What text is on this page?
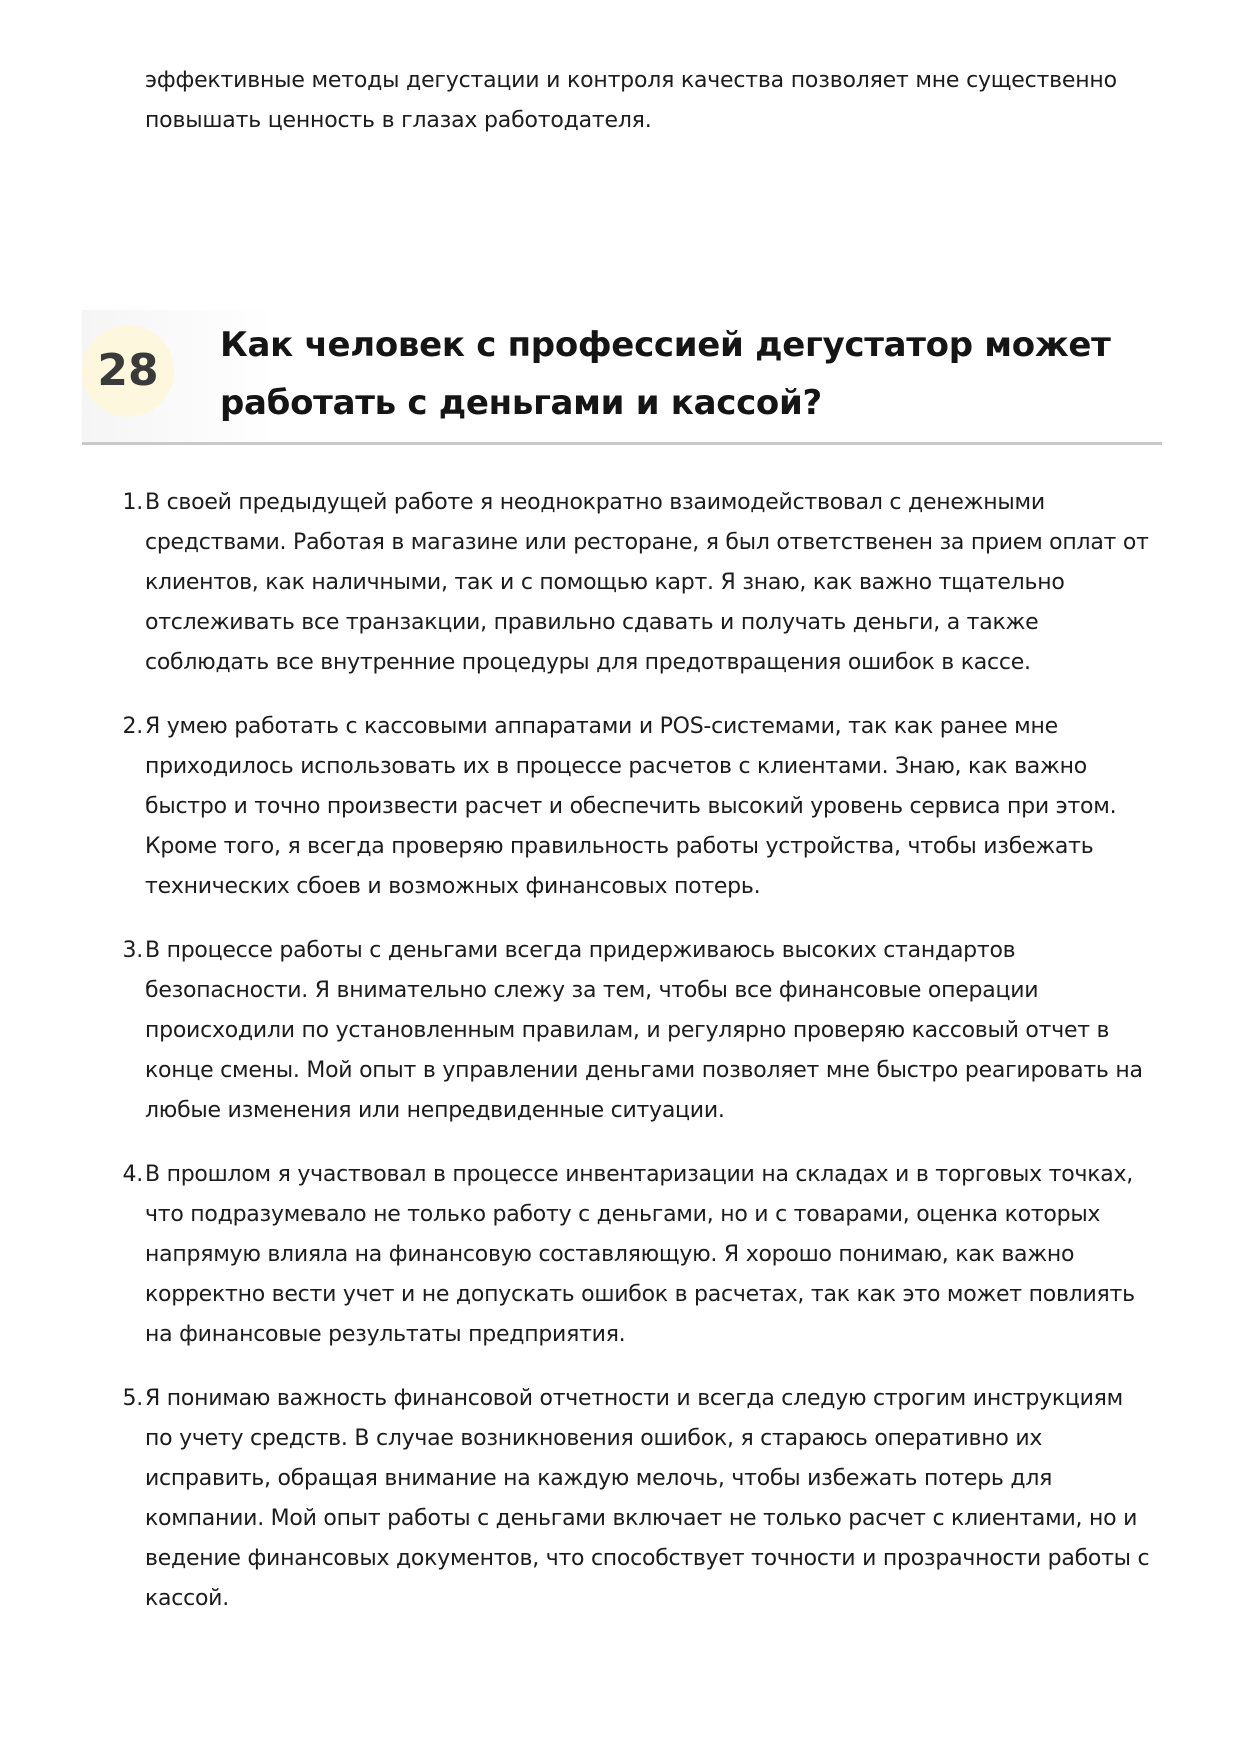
эффективные методы дегустации и контроля качества позволяет мне существенно повышать ценность в глазах работодателя.

28	Как человек с профессией дегустатор может работать с деньгами и кассой?
1. В своей предыдущей работе я неоднократно взаимодействовал с денежными средствами. Работая в магазине или ресторане, я был ответственен за прием оплат от клиентов, как наличными, так и с помощью карт. Я знаю, как важно тщательно отслеживать все транзакции, правильно сдавать и получать деньги, а также соблюдать все внутренние процедуры для предотвращения ошибок в кассе.
2. Я умею работать с кассовыми аппаратами и POS-системами, так как ранее мне приходилось использовать их в процессе расчетов с клиентами. Знаю, как важно быстро и точно произвести расчет и обеспечить высокий уровень сервиса при этом. Кроме того, я всегда проверяю правильность работы устройства, чтобы избежать технических сбоев и возможных финансовых потерь.
3. В процессе работы с деньгами всегда придерживаюсь высоких стандартов безопасности. Я внимательно слежу за тем, чтобы все финансовые операции происходили по установленным правилам, и регулярно проверяю кассовый отчет в конце смены. Мой опыт в управлении деньгами позволяет мне быстро реагировать на любые изменения или непредвиденные ситуации.
4. В прошлом я участвовал в процессе инвентаризации на складах и в торговых точках, что подразумевало не только работу с деньгами, но и с товарами, оценка которых напрямую влияла на финансовую составляющую. Я хорошо понимаю, как важно корректно вести учет и не допускать ошибок в расчетах, так как это может повлиять на финансовые результаты предприятия.
5. Я понимаю важность финансовой отчетности и всегда следую строгим инструкциям по учету средств. В случае возникновения ошибок, я стараюсь оперативно их исправить, обращая внимание на каждую мелочь, чтобы избежать потерь для компании. Мой опыт работы с деньгами включает не только расчет с клиентами, но и ведение финансовых документов, что способствует точности и прозрачности работы с кассой.
